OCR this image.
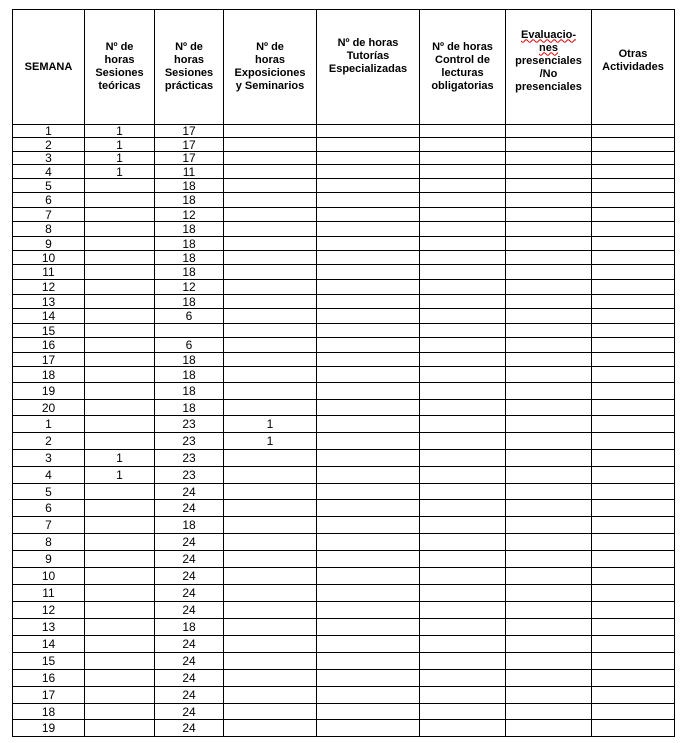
SEMANA	Nº de
horas
Sesiones
teóricas	Nº de
horas
Sesiones
prácticas	Nº de
horas
Exposiciones
y Seminarios	Nº de horas
Tutorías
Especializadas	Nº de horas
Control de
lecturas
obligatorias	Evaluacio-
nes
presenciales
/No
presenciales	Otras
Actividades

1	1	17					
2	1	17					
3	1	17					
4	1	11					
5		18					
6		18					
7		12					
8		18					
9		18					
10		18					
11		18					
12		12					
13		18					
14		6					
15							
16		6					
17		18					
18		18					
19		18					
20		18					
1		23	1				
2		23	1				
3	1	23					
4	1	23					
5		24					
6		24					
7		18					
8		24					
9		24					
10		24					
11		24					
12		24					
13		18					
14		24					
15		24					
16		24					
17		24					
18		24					
19		24					
